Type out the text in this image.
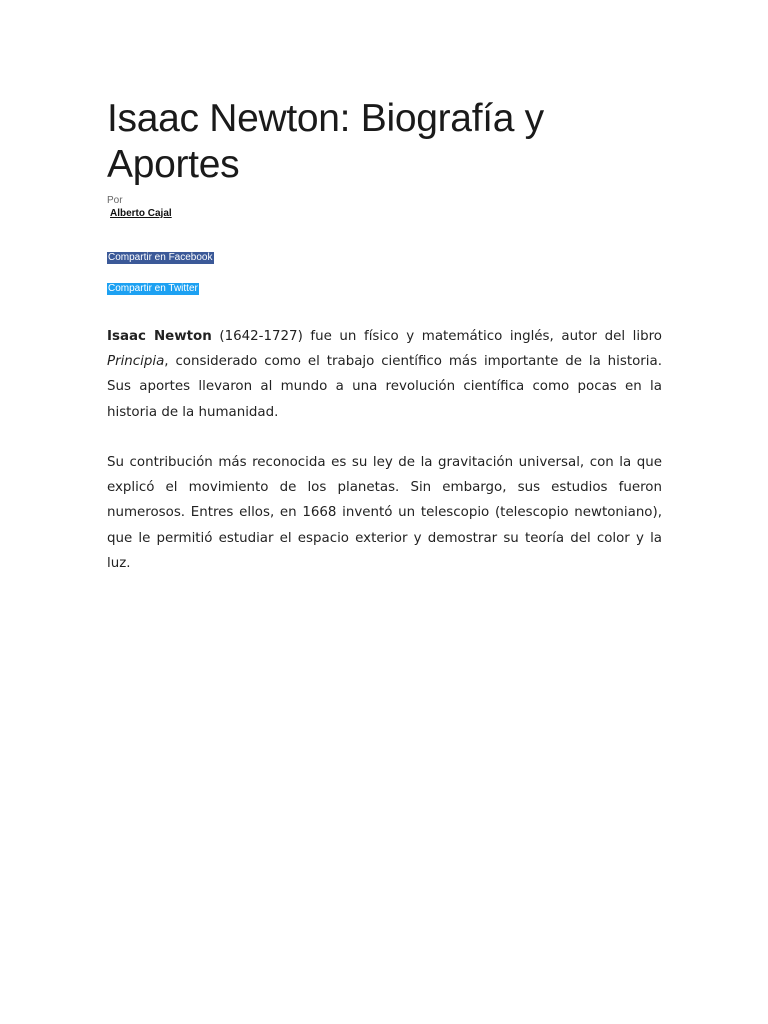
Isaac Newton: Biografía y Aportes
Por
Alberto Cajal
Compartir en Facebook
Compartir en Twitter

Isaac Newton (1642-1727) fue un físico y matemático inglés, autor del libro Principia, considerado como el trabajo científico más importante de la historia. Sus aportes llevaron al mundo a una revolución científica como pocas en la historia de la humanidad.

Su contribución más reconocida es su ley de la gravitación universal, con la que explicó el movimiento de los planetas. Sin embargo, sus estudios fueron numerosos. Entres ellos, en 1668 inventó un telescopio (telescopio newtoniano), que le permitió estudiar el espacio exterior y demostrar su teoría del color y la luz.
